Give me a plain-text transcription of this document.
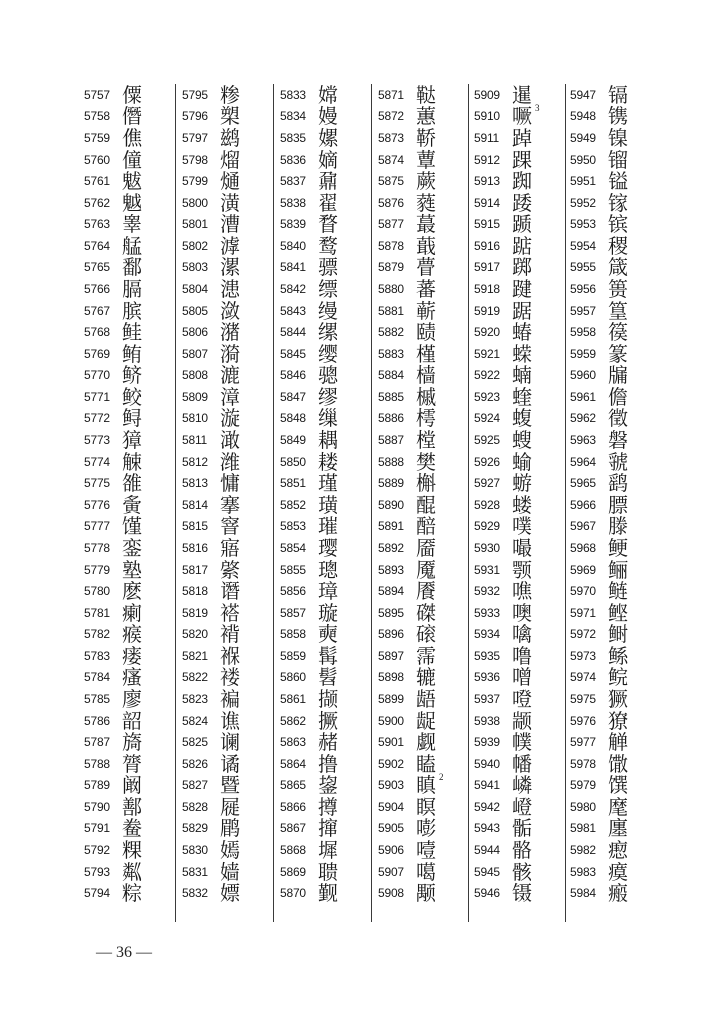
5757 僳
5758 僭
5759 僬
5760 僮
5761 魃
5762 魆
5763 睾
5764 艋
5765 鄱
5766 膈
5767 膑
5768 鲑
5769 鲔
5770 鲚
5771 鲛
5772 鲟
5773 獐
5774 觫
5775 雒
5776 夤
5777 馑
5778 銮
5779 塾
5780 麽
5781 瘌
5782 瘊
5783 瘘
5784 瘙
5785 廖
5786 韶
5787 旖
5788 膂
5789 阚
5790 鄯
5791 鲞
5792 粿
5793 粼
5794 粽
5795 糁
5796 槊
5797 鹚
5798 熘
5799 熥
5800 潢
5801 漕
5802 滹
5803 漯
5804 漶
5805 潋
5806 潴
5807 漪
5808 漉
5809 漳
5810 漩
5811 澉
5812 潍
5813 慵
5814 搴
5815 窨
5816 寤
5817 綮
5818 谮
5819 褡
5820 褙
5821 褓
5822 褛
5823 褊
5824 谯
5825 谰
5826 谲
5827 暨
5828 屣
5829 鹛
5830 嫣
5831 嫱
5832 嫖
5833 嫦
5834 嫚
5835 嫘
5836 嫡
5837 鼐
5838 翟
5839 瞀
5840 鹜
5841 骠
5842 缥
5843 缦
5844 缧
5845 缨
5846 骢
5847 缪
5848 缫
5849 耦
5850 耧
5851 瑾
5852 璜
5853 璀
5854 璎
5855 璁
5856 璋
5857 璇
5858 奭
5859 髯
5860 髫
5861 撷
5862 撅
5863 赭
5864 撸
5865 鋆
5866 撙
5867 撺
5868 墀
5869 聩
5870 觐
5871 鞑
5872 蕙
5873 鞒
5874 蕈
5875 蕨
5876 蕤
5877 蕞
5878 蕺
5879 瞢
5880 蕃
5881 蕲
5882 赜
5883 槿
5884 樯
5885 槭
5886 樗
5887 樘
5888 樊
5889 槲
5890 醌
5891 醅
5892 靥
5893 魇
5894 餍
5895 磔
5896 磙
5897 霈
5898 辘
5899 龉
5900 龊
5901 觑
5902 瞌
5903 瞋 2
5904 瞑
5905 嘭
5906 噎
5907 噶
5908 颙
5909 暹
5910 噘 3
5911 踔
5912 踝
5913 踟
5914 踒
5915 踬
5916 踮
5917 踯
5918 踺
5919 踞
5920 蝽
5921 蝾
5922 蝻
5923 蝰
5924 蝮
5925 螋
5926 蝓
5927 蝣
5928 蝼
5929 噗
5930 嘬
5931 颚
5932 噍
5933 噢
5934 噙
5935 噜
5936 噌
5937 噔
5938 颛
5939 幞
5940 幡
5941 嶙
5942 嶝
5943 骺
5944 骼
5945 骸
5946 镊
5947 镉
5948 镌
5949 镍
5950 镏
5951 镒
5952 镓
5953 镔
5954 稷
5955 箴
5956 篑
5957 篁
5958 篌
5959 篆
5960 牖
5961 儋
5962 徵
5963 磐
5964 虢
5965 鹞
5966 膘
5967 滕
5968 鲠
5969 鲡
5970 鲢
5971 鲣
5972 鲥
5973 鲧
5974 鲩
5975 獗
5976 獠
5977 觯
5978 馓
5979 馔
5980 麾
5981 廛
5982 瘛
5983 瘼
5984 瘢
— 36 —
